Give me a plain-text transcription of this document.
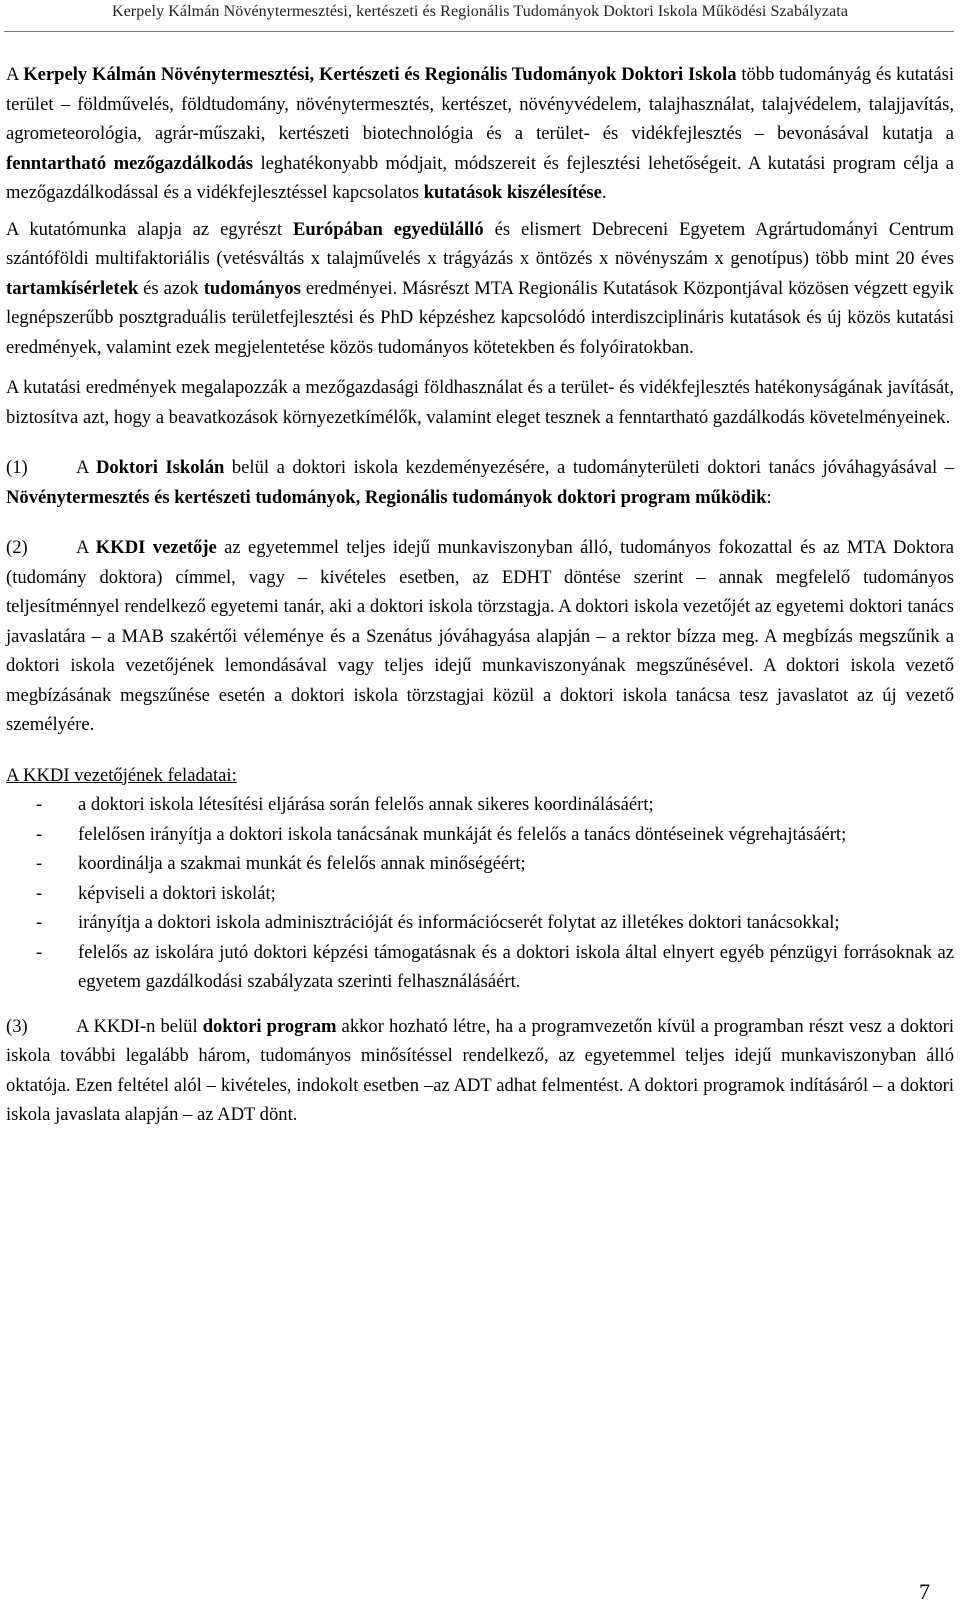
Kerpely Kálmán Növénytermesztési, kertészeti és Regionális Tudományok Doktori Iskola Működési Szabályzata

A Kerpely Kálmán Növénytermesztési, Kertészeti és Regionális Tudományok Doktori Iskola több tudományág és kutatási terület – földművelés, földtudomány, növénytermesztés, kertészet, növényvédelem, talajhasználat, talajvédelem, talajjavítás, agrometeorológia, agrár-műszaki, kertészeti biotechnológia és a terület- és vidékfejlesztés – bevonásával kutatja a fenntartható mezőgazdálkodás leghatékonyabb módjait, módszereit és fejlesztési lehetőségeit. A kutatási program célja a mezőgazdálkodással és a vidékfejlesztéssel kapcsolatos kutatások kiszélesítése.

A kutatómunka alapja az egyrészt Európában egyedülálló és elismert Debreceni Egyetem Agrártudományi Centrum szántóföldi multifaktoriális (vetésváltás x talajművelés x trágyázás x öntözés x növényszám x genotípus) több mint 20 éves tartamkísérletek és azok tudományos eredményei. Másrészt MTA Regionális Kutatások Központjával közösen végzett egyik legnépszerűbb posztgraduális területfejlesztési és PhD képzéshez kapcsolódó interdiszciplináris kutatások és új közös kutatási eredmények, valamint ezek megjelentetése közös tudományos kötetekben és folyóiratokban.

A kutatási eredmények megalapozzák a mezőgazdasági földhasználat és a terület- és vidékfejlesztés hatékonyságának javítását, biztosítva azt, hogy a beavatkozások környezetkímélők, valamint eleget tesznek a fenntartható gazdálkodás követelményeinek.

(1)	A Doktori Iskolán belül a doktori iskola kezdeményezésére, a tudományterületi doktori tanács jóváhagyásával – Növénytermesztés és kertészeti tudományok, Regionális tudományok doktori program működik:

(2)	A KKDI vezetője az egyetemmel teljes idejű munkaviszonyban álló, tudományos fokozattal és az MTA Doktora (tudomány doktora) címmel, vagy – kivételes esetben, az EDHT döntése szerint – annak megfelelő tudományos teljesítménnyel rendelkező egyetemi tanár, aki a doktori iskola törzstagja. A doktori iskola vezetőjét az egyetemi doktori tanács javaslatára – a MAB szakértői véleménye és a Szenátus jóváhagyása alapján – a rektor bízza meg. A megbízás megszűnik a doktori iskola vezetőjének lemondásával vagy teljes idejű munkaviszonyának megszűnésével. A doktori iskola vezető megbízásának megszűnése esetén a doktori iskola törzstagjai közül a doktori iskola tanácsa tesz javaslatot az új vezető személyére.

A KKDI vezetőjének feladatai:

- a doktori iskola létesítési eljárása során felelős annak sikeres koordinálásáért;
- felelősen irányítja a doktori iskola tanácsának munkáját és felelős a tanács döntéseinek végrehajtásáért;
- koordinálja a szakmai munkát és felelős annak minőségéért;
- képviseli a doktori iskolát;
- irányítja a doktori iskola adminisztrációját és információcserét folytat az illetékes doktori tanácsokkal;
- felelős az iskolára jutó doktori képzési támogatásnak és a doktori iskola által elnyert egyéb pénzügyi forrásoknak az egyetem gazdálkodási szabályzata szerinti felhasználásáért.

(3)	A KKDI-n belül doktori program akkor hozható létre, ha a programvezetőn kívül a programban részt vesz a doktori iskola további legalább három, tudományos minősítéssel rendelkező, az egyetemmel teljes idejű munkaviszonyban álló oktatója. Ezen feltétel alól – kivételes, indokolt esetben –az ADT adhat felmentést. A doktori programok indításáról – a doktori iskola javaslata alapján – az ADT dönt.

7
